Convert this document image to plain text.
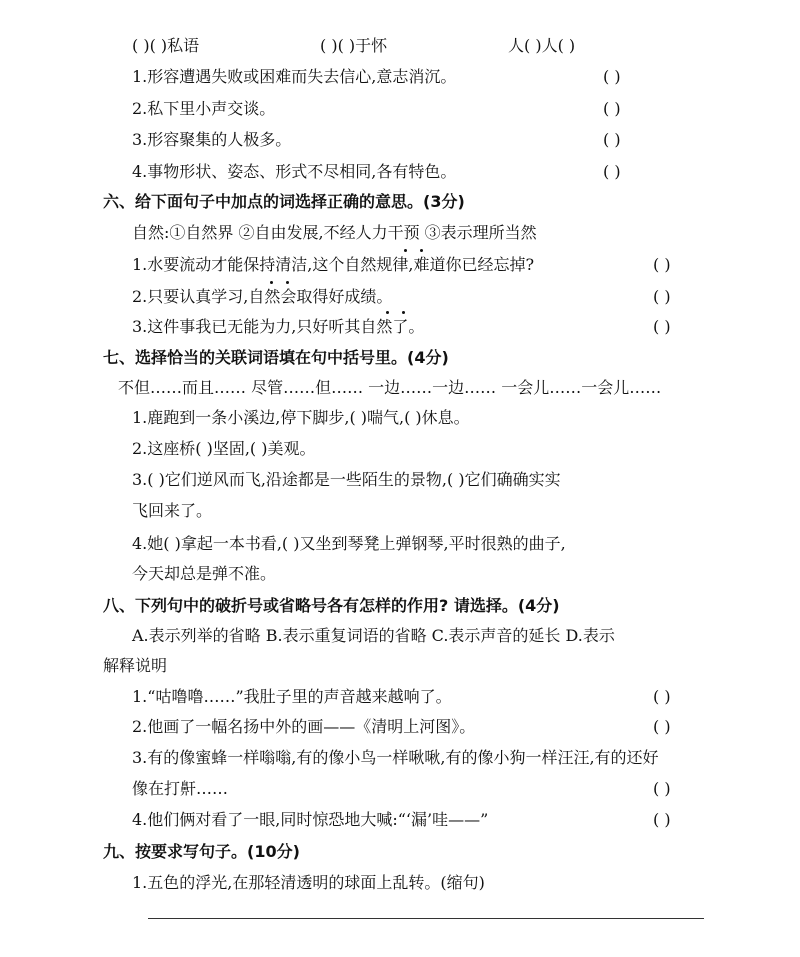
( )( )私语	( )( )于怀	人( )人( )
1.形容遭遇失败或困难而失去信心,意志消沉。	( )
2.私下里小声交谈。	( )
3.形容聚集的人极多。	( )
4.事物形状、姿态、形式不尽相同,各有特色。	( )
六、给下面句子中加点的词选择正确的意思。(3分)
自然:①自然界 ②自由发展,不经人力干预 ③表示理所当然
1.水要流动才能保持清洁,这个自然规律,难道你已经忘掉?	( )
2.只要认真学习,自然会取得好成绩。	( )
3.这件事我已无能为力,只好听其自然了。	( )
七、选择恰当的关联词语填在句中括号里。(4分)
不但……而且…… 尽管……但…… 一边……一边…… 一会儿……一会儿……
1.鹿跑到一条小溪边,停下脚步,( )喘气,( )休息。
2.这座桥( )坚固,( )美观。
3.( )它们逆风而飞,沿途都是一些陌生的景物,( )它们确确实实
飞回来了。
4.她( )拿起一本书看,( )又坐到琴凳上弹钢琴,平时很熟的曲子,
今天却总是弹不准。
八、下列句中的破折号或省略号各有怎样的作用? 请选择。(4分)
A.表示列举的省略 B.表示重复词语的省略 C.表示声音的延长 D.表示
解释说明
1.“咕噜噜……”我肚子里的声音越来越响了。	( )
2.他画了一幅名扬中外的画——《清明上河图》。	( )
3.有的像蜜蜂一样嗡嗡,有的像小鸟一样啾啾,有的像小狗一样汪汪,有的还好
像在打鼾……	( )
4.他们俩对看了一眼,同时惊恐地大喊:“‘漏’哇——”	( )
九、按要求写句子。(10分)
1.五色的浮光,在那轻清透明的球面上乱转。(缩句)
